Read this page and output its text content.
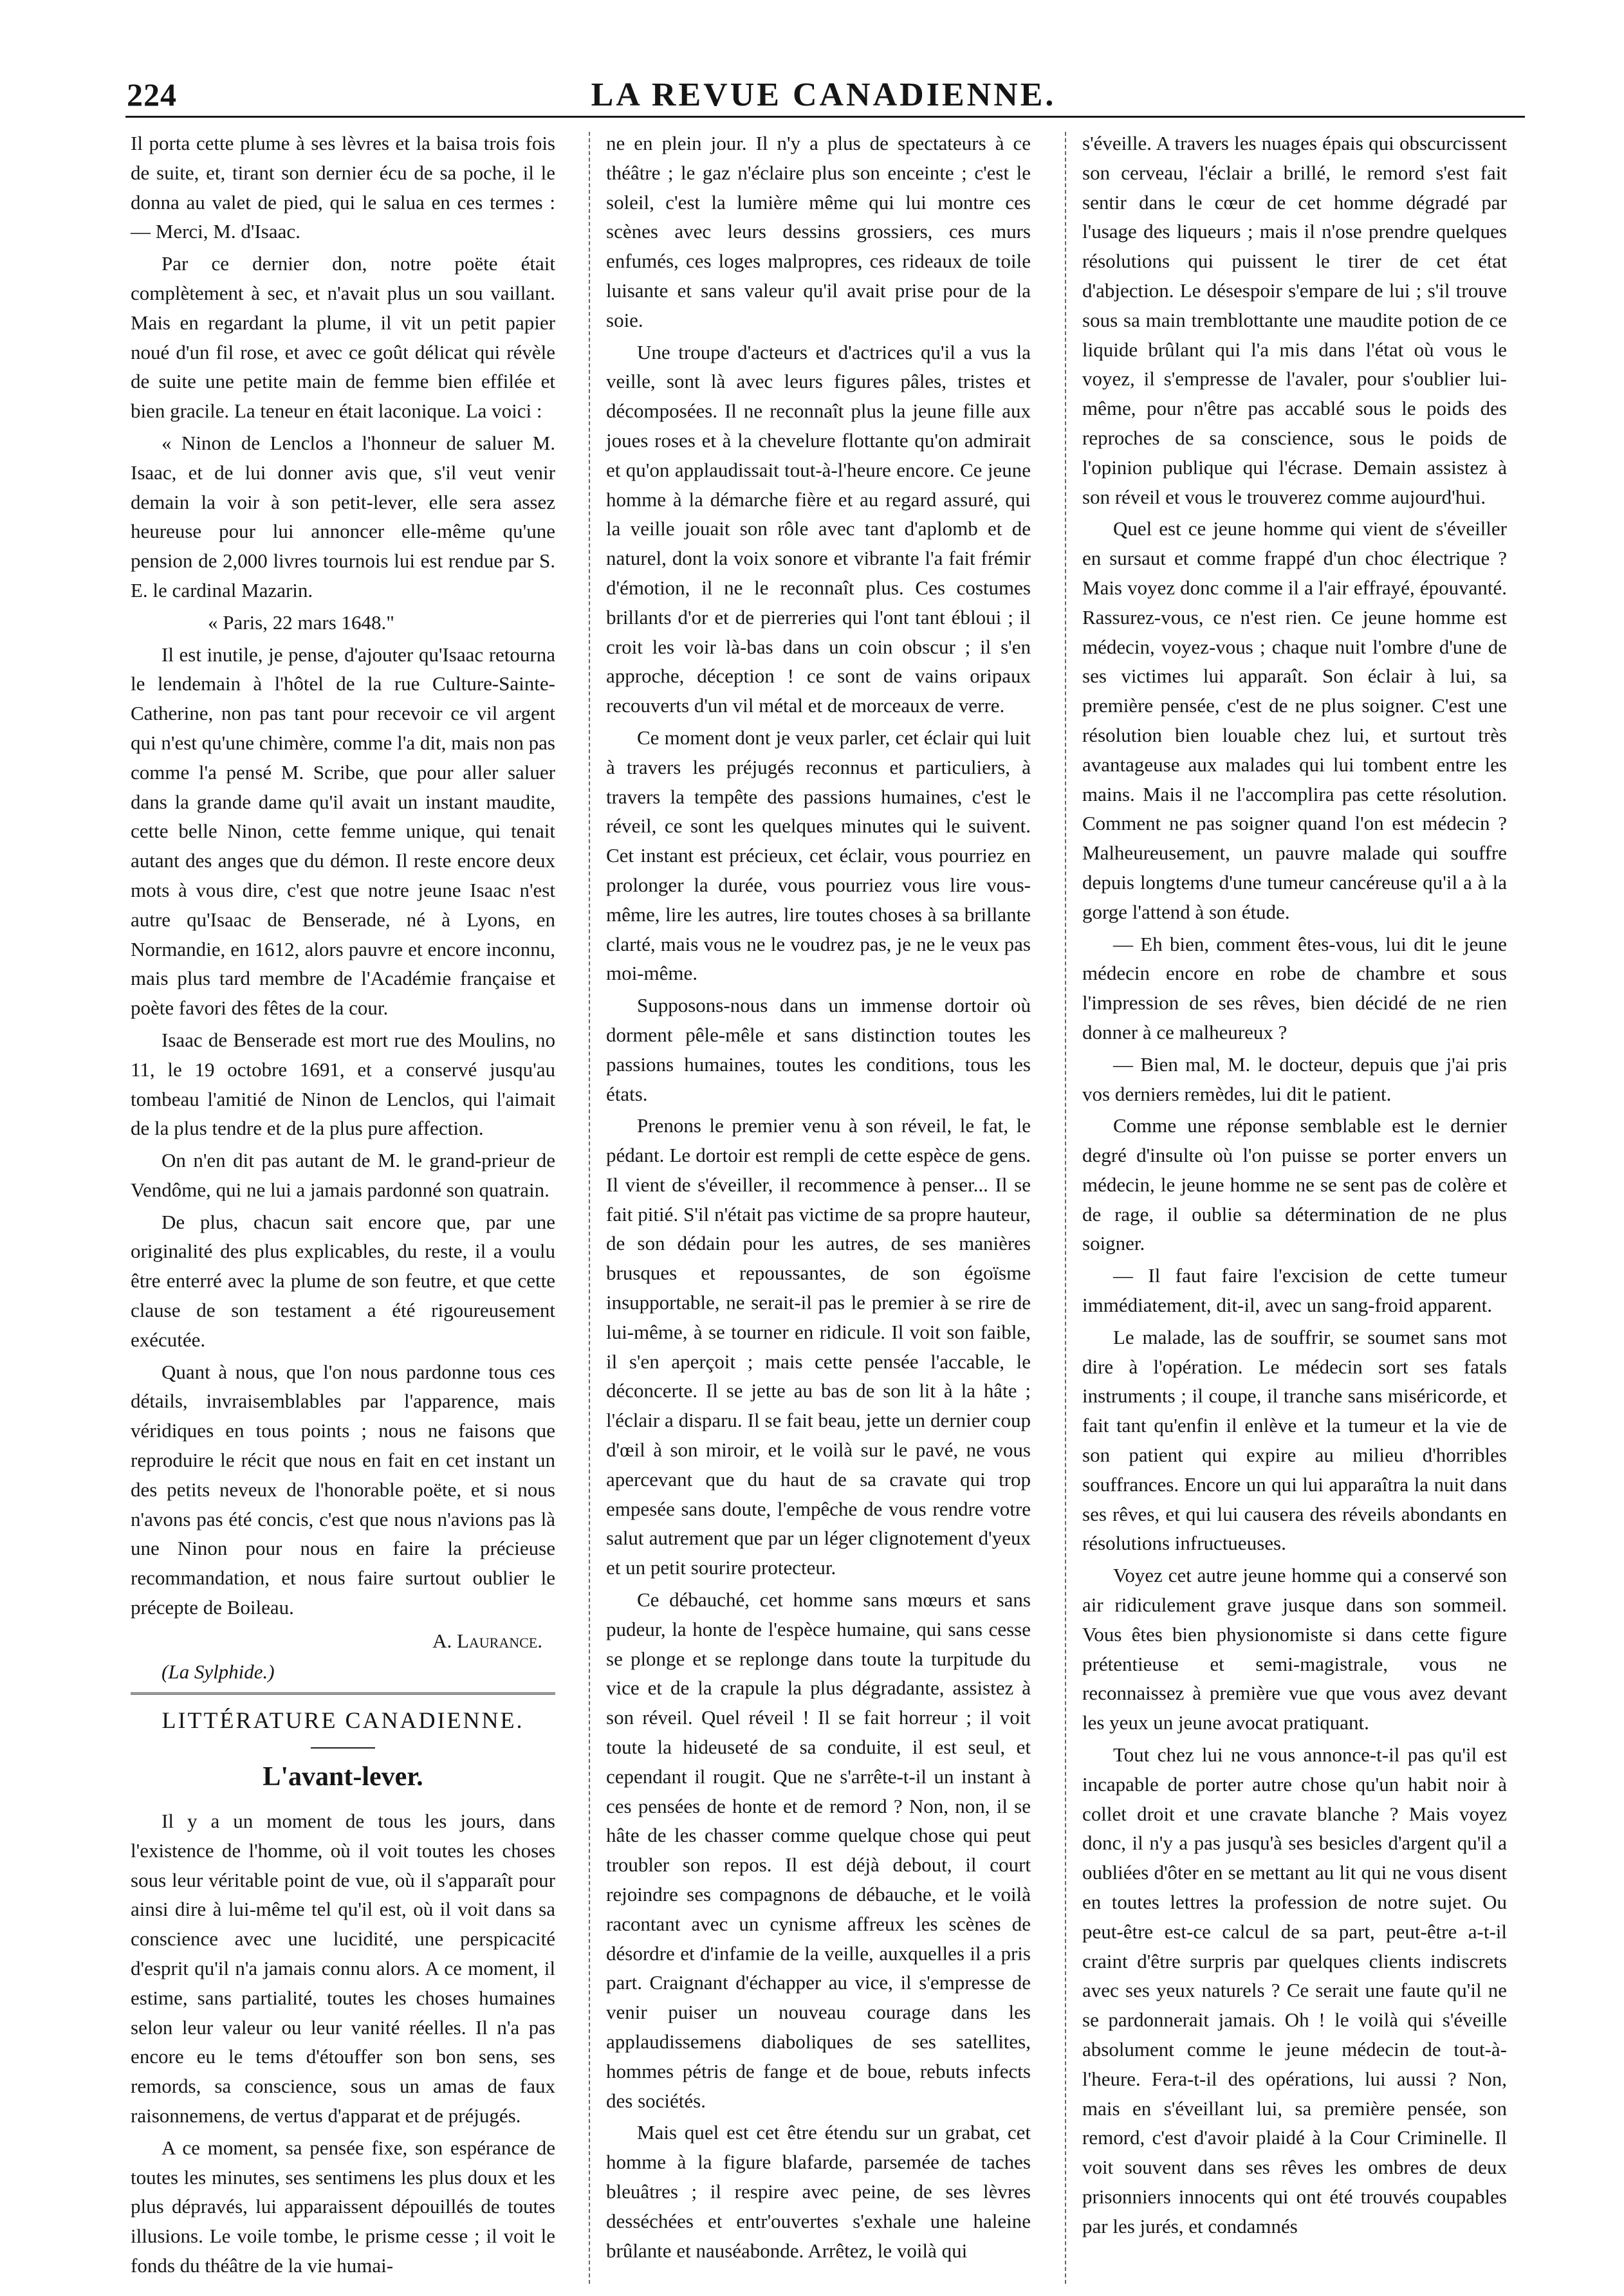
224	LA REVUE CANADIENNE.

Il porta cette plume à ses lèvres et la baisa trois fois de suite, et, tirant son dernier écu de sa poche, il le donna au valet de pied, qui le salua en ces termes : — Merci, M. d'Isaac.

Par ce dernier don, notre poëte était complètement à sec, et n'avait plus un sou vaillant. Mais en regardant la plume, il vit un petit papier noué d'un fil rose, et avec ce goût délicat qui révèle de suite une petite main de femme bien effilée et bien gracile. La teneur en était laconique. La voici :

« Ninon de Lenclos a l'honneur de saluer M. Isaac, et de lui donner avis que, s'il veut venir demain la voir à son petit-lever, elle sera assez heureuse pour lui annoncer elle-même qu'une pension de 2,000 livres tournois lui est rendue par S. E. le cardinal Mazarin.

« Paris, 22 mars 1648."

Il est inutile, je pense, d'ajouter qu'Isaac retourna le lendemain à l'hôtel de la rue Culture-Sainte-Catherine, non pas tant pour recevoir ce vil argent qui n'est qu'une chimère, comme l'a dit, mais non pas comme l'a pensé M. Scribe, que pour aller saluer dans la grande dame qu'il avait un instant maudite, cette belle Ninon, cette femme unique, qui tenait autant des anges que du démon. Il reste encore deux mots à vous dire, c'est que notre jeune Isaac n'est autre qu'Isaac de Benserade, né à Lyons, en Normandie, en 1612, alors pauvre et encore inconnu, mais plus tard membre de l'Académie française et poète favori des fêtes de la cour.

Isaac de Benserade est mort rue des Moulins, no 11, le 19 octobre 1691, et a conservé jusqu'au tombeau l'amitié de Ninon de Lenclos, qui l'aimait de la plus tendre et de la plus pure affection.

On n'en dit pas autant de M. le grand-prieur de Vendôme, qui ne lui a jamais pardonné son quatrain.

De plus, chacun sait encore que, par une originalité des plus explicables, du reste, il a voulu être enterré avec la plume de son feutre, et que cette clause de son testament a été rigoureusement exécutée.

Quant à nous, que l'on nous pardonne tous ces détails, invraisemblables par l'apparence, mais véridiques en tous points ; nous ne faisons que reproduire le récit que nous en fait en cet instant un des petits neveux de l'honorable poëte, et si nous n'avons pas été concis, c'est que nous n'avions pas là une Ninon pour nous en faire la précieuse recommandation, et nous faire surtout oublier le précepte de Boileau.

A. Laurance.

(La Sylphide.)

LITTÉRATURE CANADIENNE.
L'avant-lever.

Il y a un moment de tous les jours, dans l'existence de l'homme, où il voit toutes les choses sous leur véritable point de vue, où il s'apparaît pour ainsi dire à lui-même tel qu'il est, où il voit dans sa conscience avec une lucidité, une perspicacité d'esprit qu'il n'a jamais connu alors. A ce moment, il estime, sans partialité, toutes les choses humaines selon leur valeur ou leur vanité réelles. Il n'a pas encore eu le tems d'étouffer son bon sens, ses remords, sa conscience, sous un amas de faux raisonnemens, de vertus d'apparat et de préjugés.

A ce moment, sa pensée fixe, son espérance de toutes les minutes, ses sentimens les plus doux et les plus dépravés, lui apparaissent dépouillés de toutes illusions. Le voile tombe, le prisme cesse ; il voit le fonds du théâtre de la vie humai-

ne en plein jour. Il n'y a plus de spectateurs à ce théâtre ; le gaz n'éclaire plus son enceinte ; c'est le soleil, c'est la lumière même qui lui montre ces scènes avec leurs dessins grossiers, ces murs enfumés, ces loges malpropres, ces rideaux de toile luisante et sans valeur qu'il avait prise pour de la soie.

Une troupe d'acteurs et d'actrices qu'il a vus la veille, sont là avec leurs figures pâles, tristes et décomposées. Il ne reconnaît plus la jeune fille aux joues roses et à la chevelure flottante qu'on admirait et qu'on applaudissait tout-à-l'heure encore. Ce jeune homme à la démarche fière et au regard assuré, qui la veille jouait son rôle avec tant d'aplomb et de naturel, dont la voix sonore et vibrante l'a fait frémir d'émotion, il ne le reconnaît plus. Ces costumes brillants d'or et de pierreries qui l'ont tant ébloui ; il croit les voir là-bas dans un coin obscur ; il s'en approche, déception ! ce sont de vains oripaux recouverts d'un vil métal et de morceaux de verre.

Ce moment dont je veux parler, cet éclair qui luit à travers les préjugés reconnus et particuliers, à travers la tempête des passions humaines, c'est le réveil, ce sont les quelques minutes qui le suivent. Cet instant est précieux, cet éclair, vous pourriez en prolonger la durée, vous pourriez vous lire vous-même, lire les autres, lire toutes choses à sa brillante clarté, mais vous ne le voudrez pas, je ne le veux pas moi-même.

Supposons-nous dans un immense dortoir où dorment pêle-mêle et sans distinction toutes les passions humaines, toutes les conditions, tous les états.

Prenons le premier venu à son réveil, le fat, le pédant. Le dortoir est rempli de cette espèce de gens. Il vient de s'éveiller, il recommence à penser... Il se fait pitié. S'il n'était pas victime de sa propre hauteur, de son dédain pour les autres, de ses manières brusques et repoussantes, de son égoïsme insupportable, ne serait-il pas le premier à se rire de lui-même, à se tourner en ridicule. Il voit son faible, il s'en aperçoit ; mais cette pensée l'accable, le déconcerte. Il se jette au bas de son lit à la hâte ; l'éclair a disparu. Il se fait beau, jette un dernier coup d'œil à son miroir, et le voilà sur le pavé, ne vous apercevant que du haut de sa cravate qui trop empesée sans doute, l'empêche de vous rendre votre salut autrement que par un léger clignotement d'yeux et un petit sourire protecteur.

Ce débauché, cet homme sans mœurs et sans pudeur, la honte de l'espèce humaine, qui sans cesse se plonge et se replonge dans toute la turpitude du vice et de la crapule la plus dégradante, assistez à son réveil. Quel réveil ! Il se fait horreur ; il voit toute la hideuseté de sa conduite, il est seul, et cependant il rougit. Que ne s'arrête-t-il un instant à ces pensées de honte et de remord ? Non, non, il se hâte de les chasser comme quelque chose qui peut troubler son repos. Il est déjà debout, il court rejoindre ses compagnons de débauche, et le voilà racontant avec un cynisme affreux les scènes de désordre et d'infamie de la veille, auxquelles il a pris part. Craignant d'échapper au vice, il s'empresse de venir puiser un nouveau courage dans les applaudissemens diaboliques de ses satellites, hommes pétris de fange et de boue, rebuts infects des sociétés.

Mais quel est cet être étendu sur un grabat, cet homme à la figure blafarde, parsemée de taches bleuâtres ; il respire avec peine, de ses lèvres desséchées et entr'ouvertes s'exhale une haleine brûlante et nauséabonde. Arrêtez, le voilà qui

s'éveille. A travers les nuages épais qui obscurcissent son cerveau, l'éclair a brillé, le remord s'est fait sentir dans le cœur de cet homme dégradé par l'usage des liqueurs ; mais il n'ose prendre quelques résolutions qui puissent le tirer de cet état d'abjection. Le désespoir s'empare de lui ; s'il trouve sous sa main tremblottante une maudite potion de ce liquide brûlant qui l'a mis dans l'état où vous le voyez, il s'empresse de l'avaler, pour s'oublier lui-même, pour n'être pas accablé sous le poids des reproches de sa conscience, sous le poids de l'opinion publique qui l'écrase. Demain assistez à son réveil et vous le trouverez comme aujourd'hui.

Quel est ce jeune homme qui vient de s'éveiller en sursaut et comme frappé d'un choc électrique ? Mais voyez donc comme il a l'air effrayé, épouvanté. Rassurez-vous, ce n'est rien. Ce jeune homme est médecin, voyez-vous ; chaque nuit l'ombre d'une de ses victimes lui apparaît. Son éclair à lui, sa première pensée, c'est de ne plus soigner. C'est une résolution bien louable chez lui, et surtout très avantageuse aux malades qui lui tombent entre les mains. Mais il ne l'accomplira pas cette résolution. Comment ne pas soigner quand l'on est médecin ? Malheureusement, un pauvre malade qui souffre depuis longtems d'une tumeur cancéreuse qu'il a à la gorge l'attend à son étude.

— Eh bien, comment êtes-vous, lui dit le jeune médecin encore en robe de chambre et sous l'impression de ses rêves, bien décidé de ne rien donner à ce malheureux ?

— Bien mal, M. le docteur, depuis que j'ai pris vos derniers remèdes, lui dit le patient.

Comme une réponse semblable est le dernier degré d'insulte où l'on puisse se porter envers un médecin, le jeune homme ne se sent pas de colère et de rage, il oublie sa détermination de ne plus soigner.

— Il faut faire l'excision de cette tumeur immédiatement, dit-il, avec un sang-froid apparent.

Le malade, las de souffrir, se soumet sans mot dire à l'opération. Le médecin sort ses fatals instruments ; il coupe, il tranche sans miséricorde, et fait tant qu'enfin il enlève et la tumeur et la vie de son patient qui expire au milieu d'horribles souffrances. Encore un qui lui apparaîtra la nuit dans ses rêves, et qui lui causera des réveils abondants en résolutions infructueuses.

Voyez cet autre jeune homme qui a conservé son air ridiculement grave jusque dans son sommeil. Vous êtes bien physionomiste si dans cette figure prétentieuse et semi-magistrale, vous ne reconnaissez à première vue que vous avez devant les yeux un jeune avocat pratiquant.

Tout chez lui ne vous annonce-t-il pas qu'il est incapable de porter autre chose qu'un habit noir à collet droit et une cravate blanche ? Mais voyez donc, il n'y a pas jusqu'à ses besicles d'argent qu'il a oubliées d'ôter en se mettant au lit qui ne vous disent en toutes lettres la profession de notre sujet. Ou peut-être est-ce calcul de sa part, peut-être a-t-il craint d'être surpris par quelques clients indiscrets avec ses yeux naturels ? Ce serait une faute qu'il ne se pardonnerait jamais. Oh ! le voilà qui s'éveille absolument comme le jeune médecin de tout-à-l'heure. Fera-t-il des opérations, lui aussi ? Non, mais en s'éveillant lui, sa première pensée, son remord, c'est d'avoir plaidé à la Cour Criminelle. Il voit souvent dans ses rêves les ombres de deux prisonniers innocents qui ont été trouvés coupables par les jurés, et condamnés
